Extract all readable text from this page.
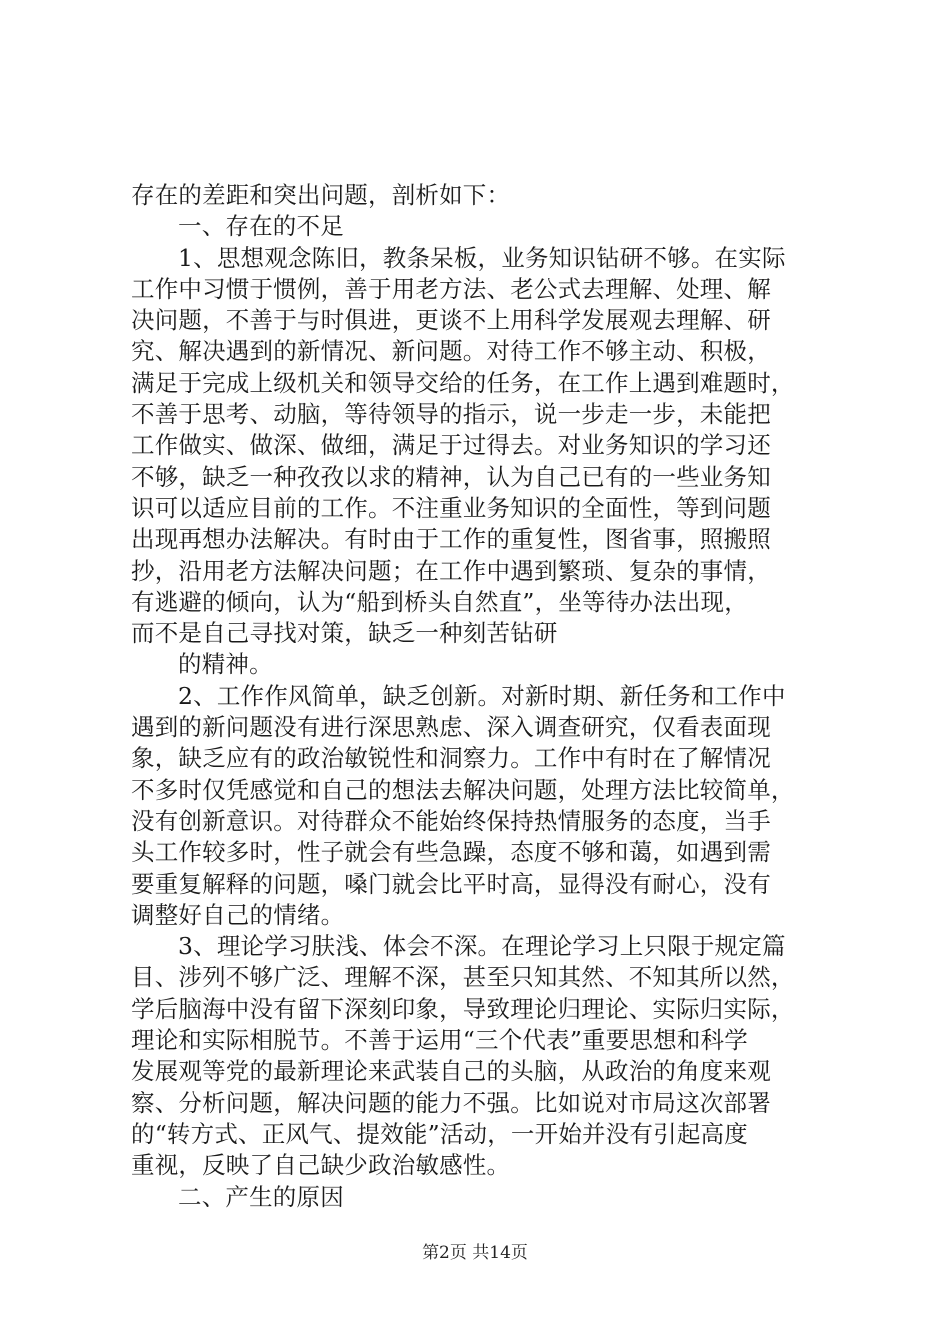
存在的差距和突出问题，剖析如下：
一、存在的不足
1、思想观念陈旧，教条呆板，业务知识钻研不够。在实际
工作中习惯于惯例，善于用老方法、老公式去理解、处理、解
决问题，不善于与时俱进，更谈不上用科学发展观去理解、研
究、解决遇到的新情况、新问题。对待工作不够主动、积极，
满足于完成上级机关和领导交给的任务，在工作上遇到难题时，
不善于思考、动脑，等待领导的指示，说一步走一步，未能把
工作做实、做深、做细，满足于过得去。对业务知识的学习还
不够，缺乏一种孜孜以求的精神，认为自己已有的一些业务知
识可以适应目前的工作。不注重业务知识的全面性，等到问题
出现再想办法解决。有时由于工作的重复性，图省事，照搬照
抄，沿用老方法解决问题；在工作中遇到繁琐、复杂的事情，
有逃避的倾向，认为“船到桥头自然直”，坐等待办法出现，
而不是自己寻找对策，缺乏一种刻苦钻研
的精神。
2、工作作风简单，缺乏创新。对新时期、新任务和工作中
遇到的新问题没有进行深思熟虑、深入调查研究，仅看表面现
象，缺乏应有的政治敏锐性和洞察力。工作中有时在了解情况
不多时仅凭感觉和自己的想法去解决问题，处理方法比较简单，
没有创新意识。对待群众不能始终保持热情服务的态度，当手
头工作较多时，性子就会有些急躁，态度不够和蔼，如遇到需
要重复解释的问题，嗓门就会比平时高，显得没有耐心，没有
调整好自己的情绪。
3、理论学习肤浅、体会不深。在理论学习上只限于规定篇
目、涉列不够广泛、理解不深，甚至只知其然、不知其所以然，
学后脑海中没有留下深刻印象，导致理论归理论、实际归实际，
理论和实际相脱节。不善于运用“三个代表”重要思想和科学
发展观等党的最新理论来武装自己的头脑，从政治的角度来观
察、分析问题，解决问题的能力不强。比如说对市局这次部署
的“转方式、正风气、提效能”活动，一开始并没有引起高度
重视，反映了自己缺少政治敏感性。
二、产生的原因
第2页 共14页
